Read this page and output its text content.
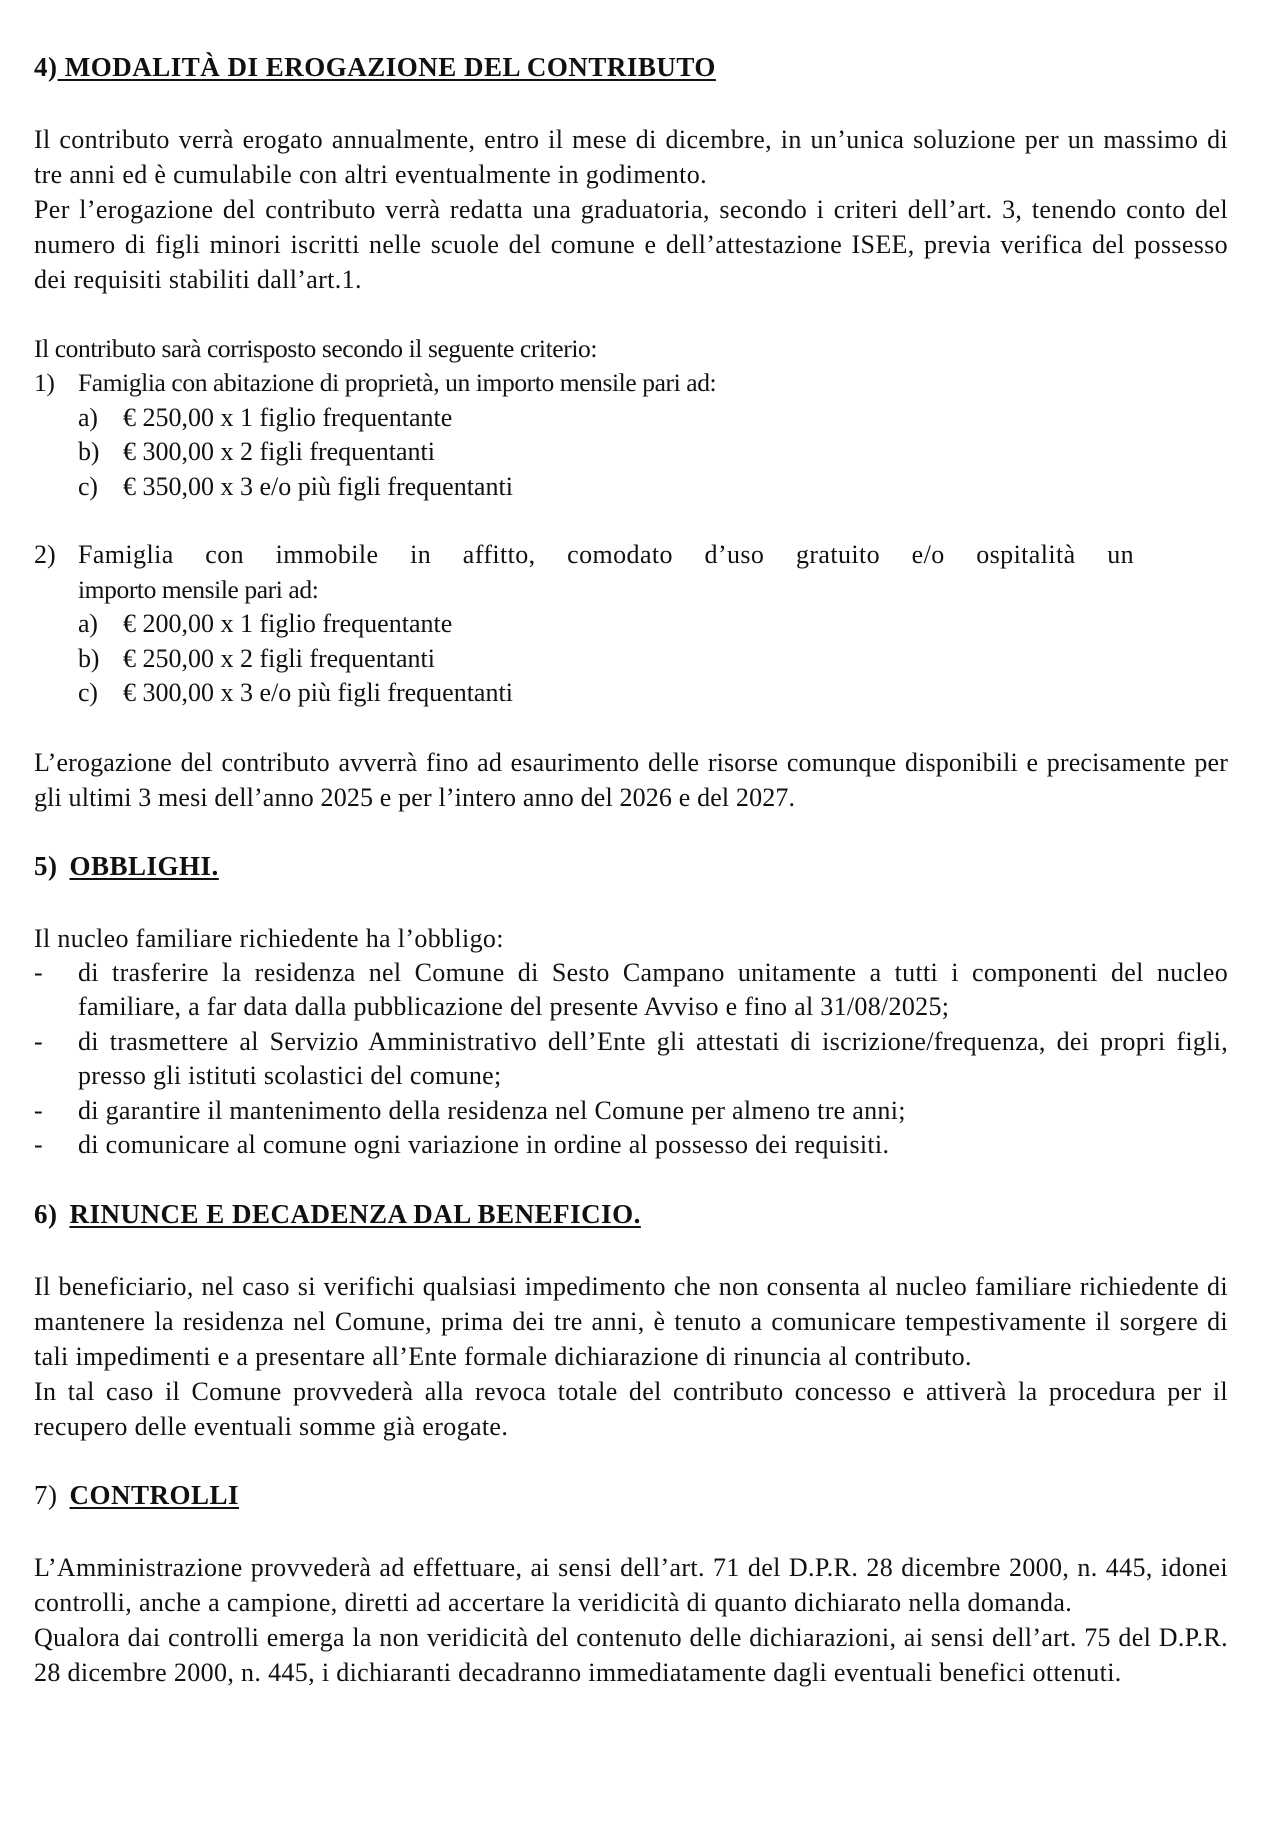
4) MODALITÀ DI EROGAZIONE DEL CONTRIBUTO

Il contributo verrà erogato annualmente, entro il mese di dicembre, in un’unica soluzione per un massimo di tre anni ed è cumulabile con altri eventualmente in godimento.

Per l’erogazione del contributo verrà redatta una graduatoria, secondo i criteri dell’art. 3, tenendo conto del numero di figli minori iscritti nelle scuole del comune e dell’attestazione ISEE, previa verifica del possesso dei requisiti stabiliti dall’art.1.

Il contributo sarà corrisposto secondo il seguente criterio:

1) Famiglia con abitazione di proprietà, un importo mensile pari ad:
a) € 250,00 x 1 figlio frequentante
b) € 300,00 x 2 figli frequentanti
c) € 350,00 x 3 e/o più figli frequentanti
2) Famiglia con immobile in affitto, comodato d’uso gratuito e/o ospitalità un
importo mensile pari ad:
a) € 200,00 x 1 figlio frequentante
b) € 250,00 x 2 figli frequentanti
c) € 300,00 x 3 e/o più figli frequentanti

L’erogazione del contributo avverrà fino ad esaurimento delle risorse comunque disponibili e precisamente per gli ultimi 3 mesi dell’anno 2025 e per l’intero anno del 2026 e del 2027.

5) OBBLIGHI.

Il nucleo familiare richiedente ha l’obbligo:

-	di trasferire la residenza nel Comune di Sesto Campano unitamente a tutti i componenti del nucleo familiare, a far data dalla pubblicazione del presente Avviso e fino al 31/08/2025;
-	di trasmettere al Servizio Amministrativo dell’Ente gli attestati di iscrizione/frequenza, dei propri figli, presso gli istituti scolastici del comune;
-	di garantire il mantenimento della residenza nel Comune per almeno tre anni;
-	di comunicare al comune ogni variazione in ordine al possesso dei requisiti.
6) RINUNCE E DECADENZA DAL BENEFICIO.

Il beneficiario, nel caso si verifichi qualsiasi impedimento che non consenta al nucleo familiare richiedente di mantenere la residenza nel Comune, prima dei tre anni, è tenuto a comunicare tempestivamente il sorgere di tali impedimenti e a presentare all’Ente formale dichiarazione di rinuncia al contributo.

In tal caso il Comune provvederà alla revoca totale del contributo concesso e attiverà la procedura per il recupero delle eventuali somme già erogate.

7) CONTROLLI

L’Amministrazione provvederà ad effettuare, ai sensi dell’art. 71 del D.P.R. 28 dicembre 2000, n. 445, idonei controlli, anche a campione, diretti ad accertare la veridicità di quanto dichiarato nella domanda.

Qualora dai controlli emerga la non veridicità del contenuto delle dichiarazioni, ai sensi dell’art. 75 del D.P.R. 28 dicembre 2000, n. 445, i dichiaranti decadranno immediatamente dagli eventuali benefici ottenuti.
